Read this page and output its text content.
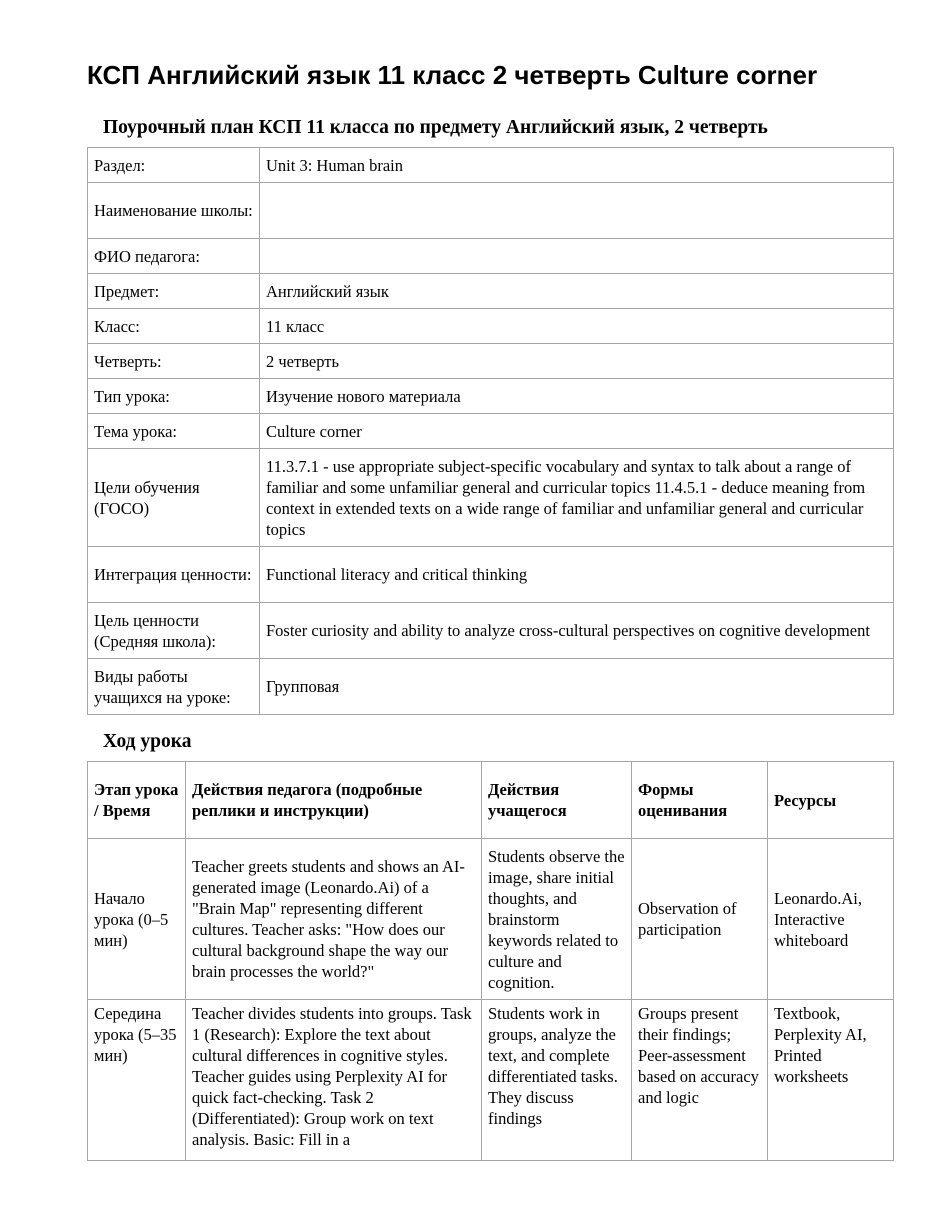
КСП Английский язык 11 класс 2 четверть Culture corner
Поурочный план КСП 11 класса по предмету Английский язык, 2 четверть
Раздел:	Unit 3: Human brain
Наименование школы:	
ФИО педагога:	
Предмет:	Английский язык
Класс:	11 класс
Четверть:	2 четверть
Тип урока:	Изучение нового материала
Тема урока:	Culture corner
Цели обучения (ГОСО)	11.3.7.1 - use appropriate subject-specific vocabulary and syntax to talk about a range of familiar and some unfamiliar general and curricular topics 11.4.5.1 - deduce meaning from context in extended texts on a wide range of familiar and unfamiliar general and curricular topics
Интеграция ценности:	Functional literacy and critical thinking
Цель ценности (Средняя школа):	Foster curiosity and ability to analyze cross-cultural perspectives on cognitive development
Виды работы учащихся на уроке:	Групповая
Ход урока
Этап урока / Время	Действия педагога (подробные реплики и инструкции)	Действия учащегося	Формы оценивания	Ресурсы
Начало урока (0–5 мин)	Teacher greets students and shows an AI-generated image (Leonardo.Ai) of a "Brain Map" representing different cultures. Teacher asks: "How does our cultural background shape the way our brain processes the world?"	Students observe the image, share initial thoughts, and brainstorm keywords related to culture and cognition.	Observation of participation	Leonardo.Ai, Interactive whiteboard
Середина урока (5–35 мин)	Teacher divides students into groups. Task 1 (Research): Explore the text about cultural differences in cognitive styles. Teacher guides using Perplexity AI for quick fact-checking. Task 2 (Differentiated): Group work on text analysis. Basic: Fill in a	Students work in groups, analyze the text, and complete differentiated tasks. They discuss findings	Groups present their findings; Peer-assessment based on accuracy and logic	Textbook, Perplexity AI, Printed worksheets
